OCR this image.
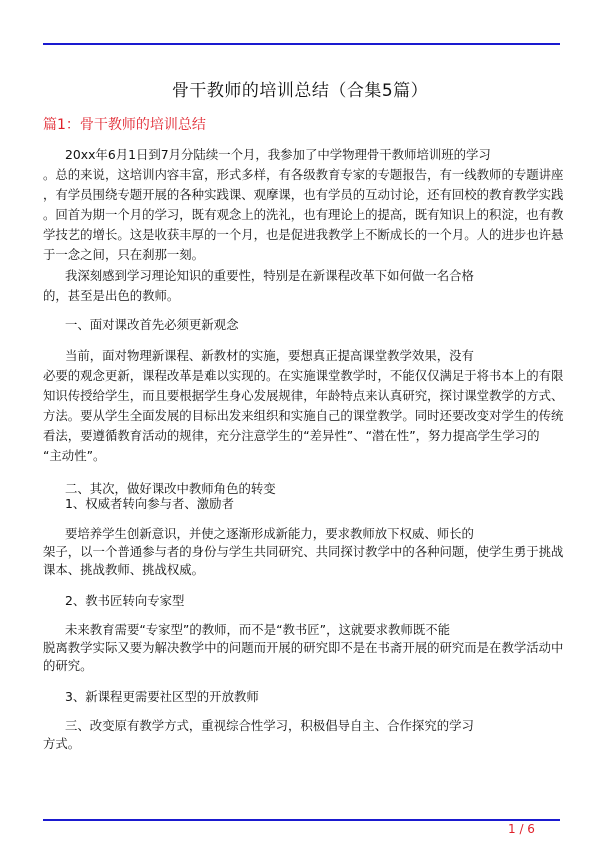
骨干教师的培训总结（合集5篇）
篇1：骨干教师的培训总结
20xx年6月1日到7月分陆续一个月，我参加了中学物理骨干教师培训班的学习
。总的来说，这培训内容丰富，形式多样，有各级教育专家的专题报告，有一线教师的专题讲座
，有学员围绕专题开展的各种实践课、观摩课，也有学员的互动讨论，还有回校的教育教学实践
。回首为期一个月的学习，既有观念上的洗礼，也有理论上的提高，既有知识上的积淀，也有教
学技艺的增长。这是收获丰厚的一个月，也是促进我教学上不断成长的一个月。人的进步也许悬
于一念之间，只在刹那一刻。
我深刻感到学习理论知识的重要性，特别是在新课程改革下如何做一名合格
的，甚至是出色的教师。
一、面对课改首先必须更新观念
当前，面对物理新课程、新教材的实施，要想真正提高课堂教学效果，没有
必要的观念更新，课程改革是难以实现的。在实施课堂教学时，不能仅仅满足于将书本上的有限
知识传授给学生，而且要根据学生身心发展规律，年龄特点来认真研究，探讨课堂教学的方式、
方法。要从学生全面发展的目标出发来组织和实施自己的课堂教学。同时还要改变对学生的传统
看法，要遵循教育活动的规律，充分注意学生的“差异性”、“潜在性”，努力提高学生学习的
“主动性”。
二、其次，做好课改中教师角色的转变
1、权威者转向参与者、激励者
要培养学生创新意识，并使之逐渐形成新能力，要求教师放下权威、师长的
架子，以一个普通参与者的身份与学生共同研究、共同探讨教学中的各种问题，使学生勇于挑战
课本、挑战教师、挑战权威。
2、教书匠转向专家型
未来教育需要“专家型”的教师，而不是“教书匠”，这就要求教师既不能
脱离教学实际又要为解决教学中的问题而开展的研究即不是在书斋开展的研究而是在教学活动中
的研究。
3、新课程更需要社区型的开放教师
三、改变原有教学方式，重视综合性学习，积极倡导自主、合作探究的学习
方式。
1 / 6
